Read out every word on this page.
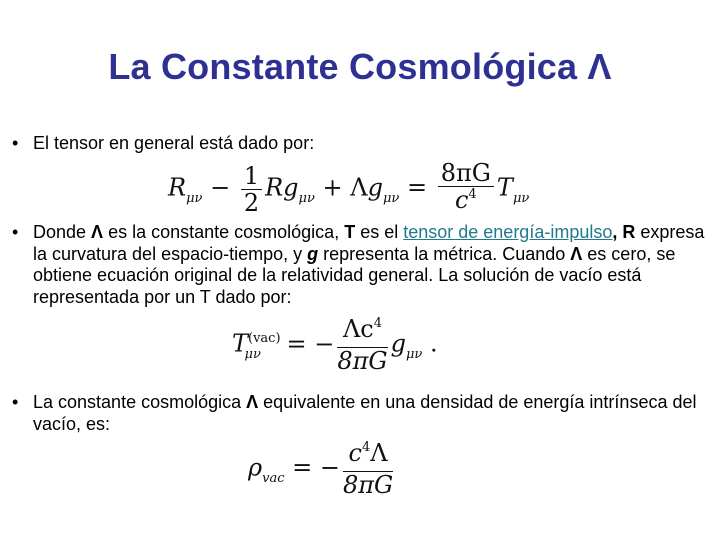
La Constante Cosmológica Λ
• El tensor en general está dado por:
$R_{\mu\nu} - \frac{1}{2} Rg_{\mu\nu} + \Lambda g_{\mu\nu} = \frac{8\pi G}{c^4} T_{\mu\nu}$
• Donde Λ es la constante cosmológica, T es el tensor de energía-impulso, R expresa la curvatura del espacio-tiempo, y g representa la métrica. Cuando Λ es cero, se obtiene ecuación original de la relatividad general. La solución de vacío está representada por un T dado por:
$T^{(vac)}_{\mu\nu}$ = − $\frac{\Lambda c^4}{8\pi G} g_{\mu\nu}$ .
• La constante cosmológica Λ equivalente en una densidad de energía intrínseca del vacío, es:
$\rho_{vac}$ = − $\frac{c^4\Lambda}{8\pi G}$
